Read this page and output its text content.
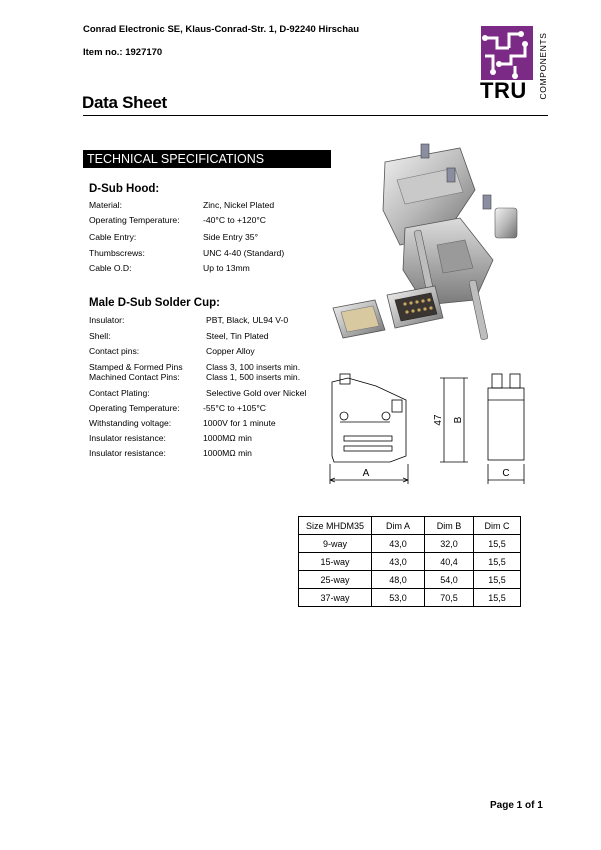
Conrad Electronic SE, Klaus-Conrad-Str. 1, D-92240 Hirschau
Item no.: 1927170
Data Sheet	TRU COMPONENTS
TECHNICAL SPECIFICATIONS
D-Sub Hood:
Material:	Zinc, Nickel Plated
Operating Temperature:	-40°C to +120°C
Cable Entry:	Side Entry 35°
Thumbscrews:	UNC 4-40 (Standard)
Cable O.D:	Up to 13mm
Male D-Sub Solder Cup:
Insulator:	PBT, Black, UL94 V-0
Shell:	Steel, Tin Plated
Contact pins:	Copper Alloy
Stamped & Formed Pins	Class 3, 100 inserts min.
Machined Contact Pins:	Class 1, 500 inserts min.
Contact Plating:	Selective Gold over Nickel
Operating Temperature:	-55°C to +105°C
Withstanding voltage:	1000V for 1 minute
Insulator resistance:	1000MΩ min
Insulator resistance:	1000MΩ min
A
47 B
C
Size MHDM35	Dim A	Dim B	Dim C
9-way	43,0	32,0	15,5
15-way	43,0	40,4	15,5
25-way	48,0	54,0	15,5
37-way	53,0	70,5	15,5
Page 1 of 1
